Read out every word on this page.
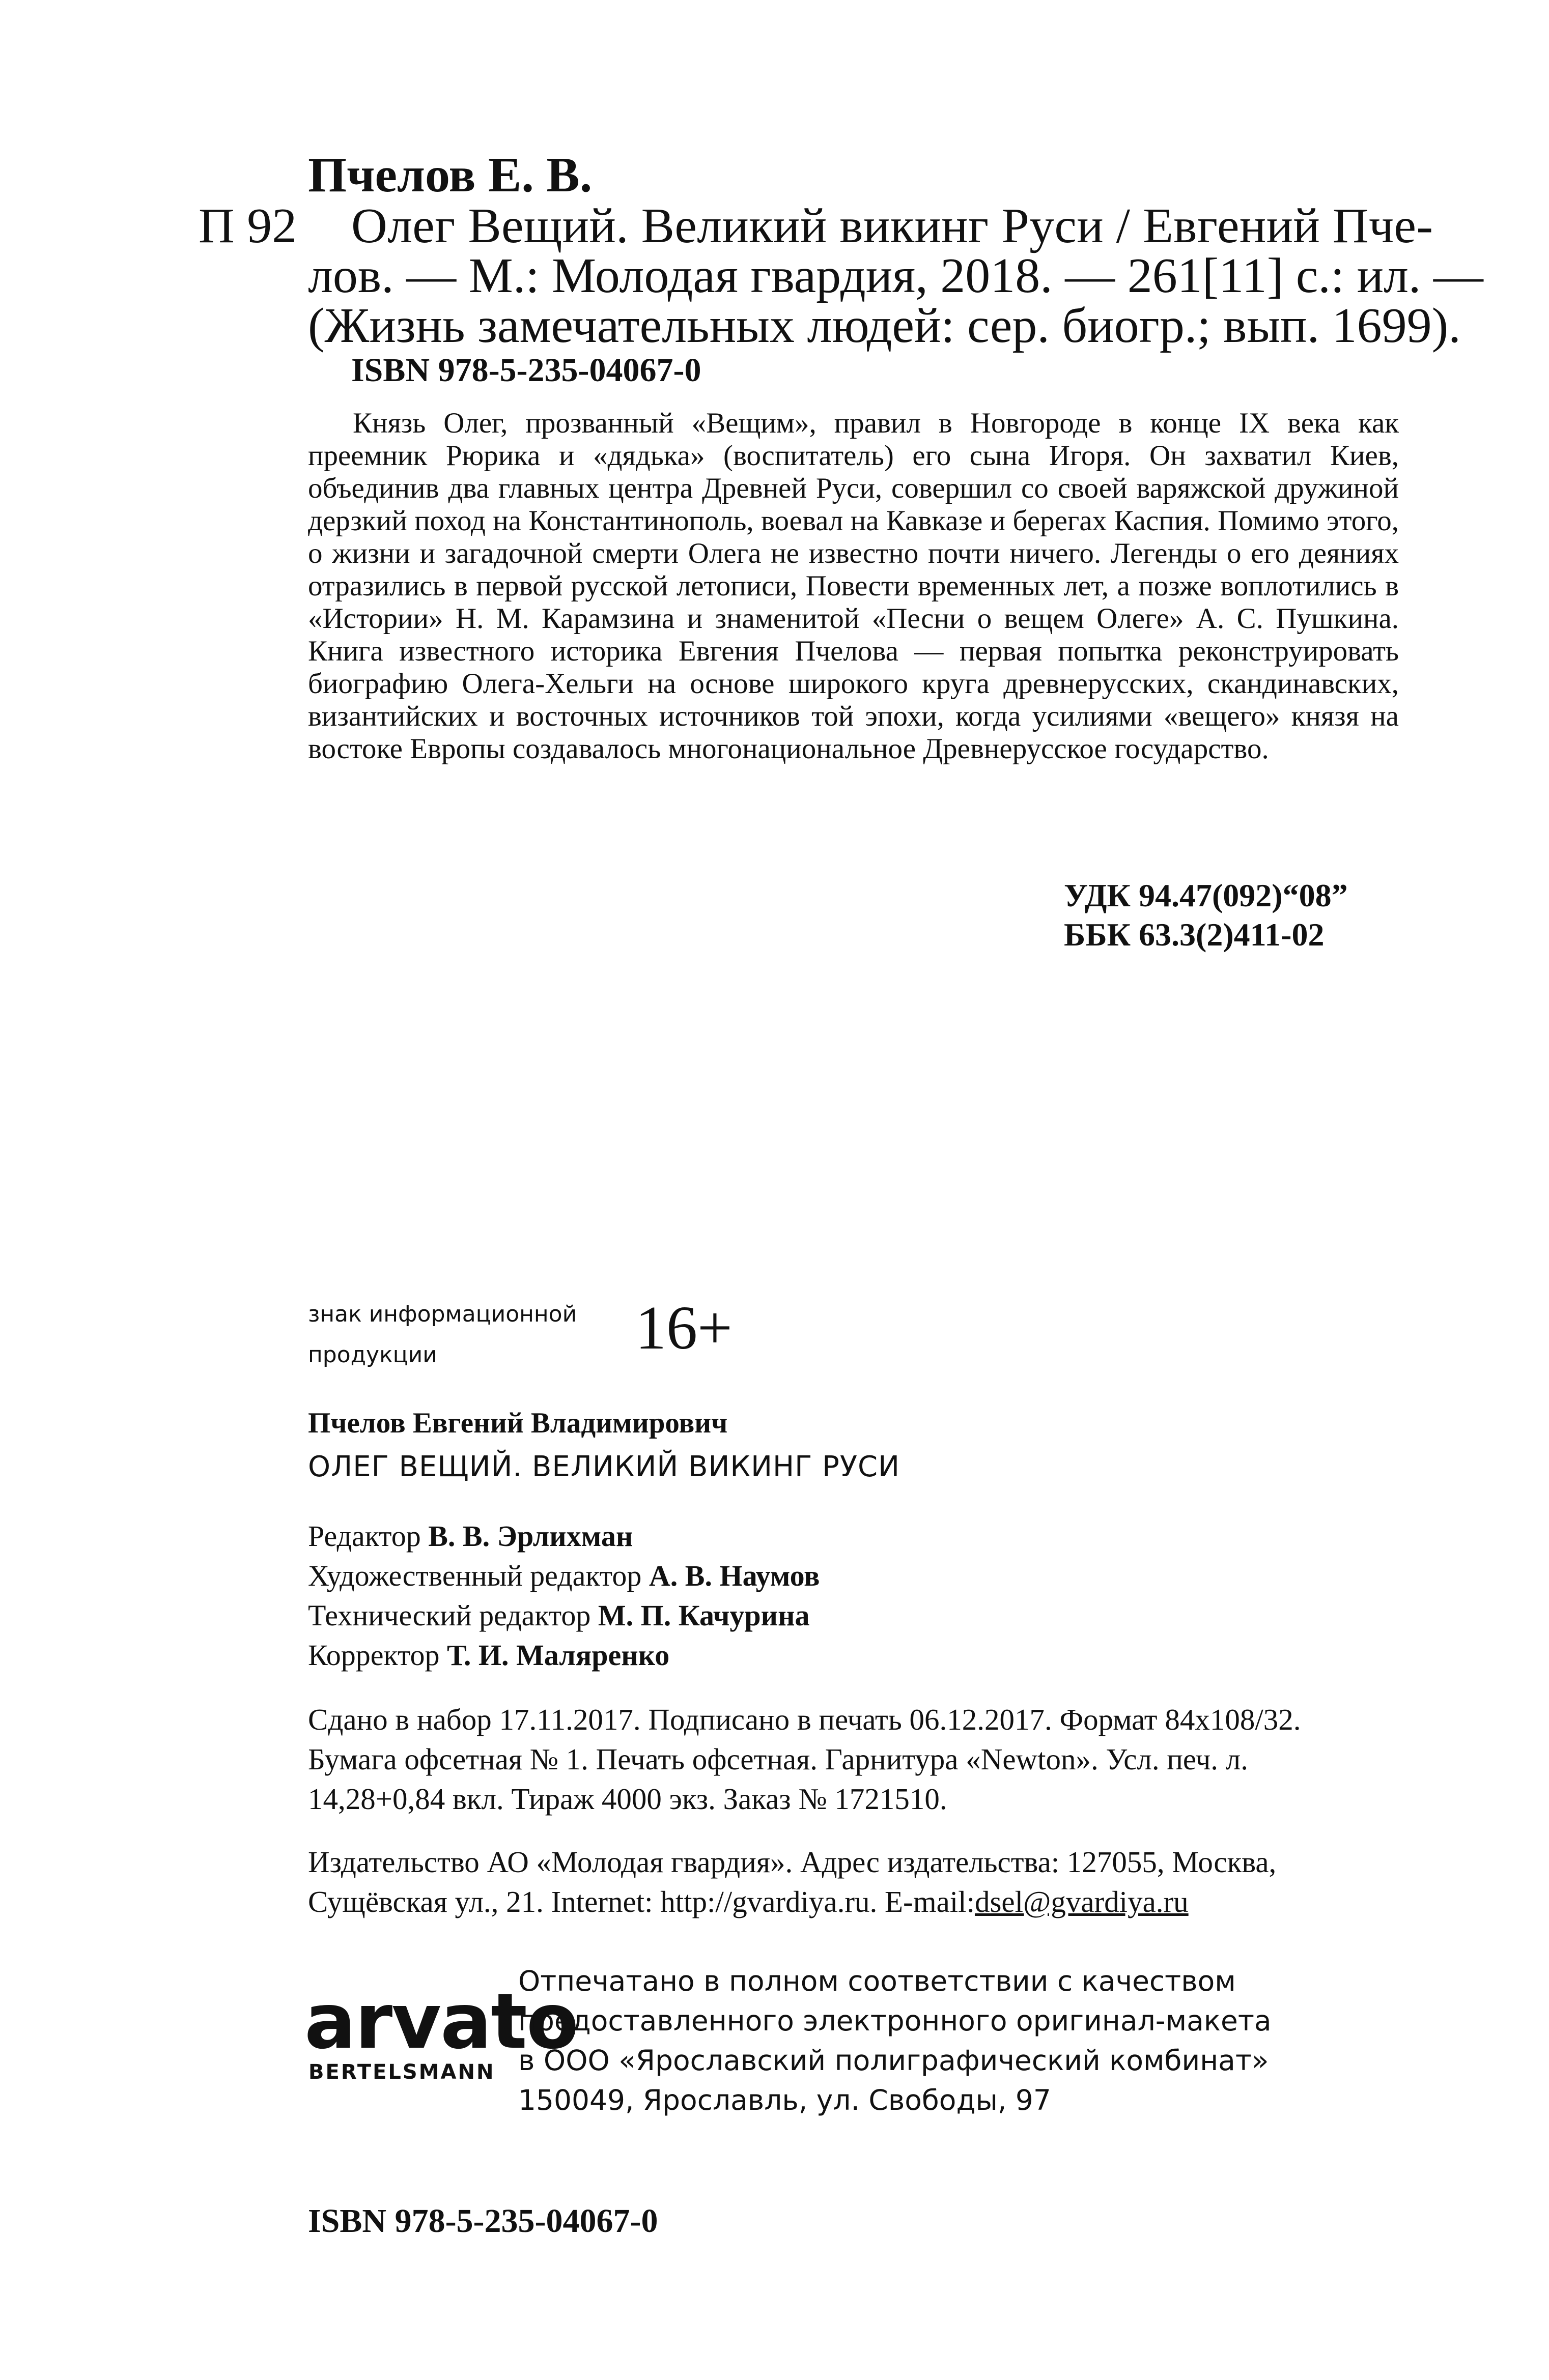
Пчелов Е. В.
П 92 Олег Вещий. Великий викинг Руси / Евгений Пче-
лов. — М.: Молодая гвардия, 2018. — 261[11] с.: ил. —
(Жизнь замечательных людей: сер. биогр.; вып. 1699).
ISBN 978-5-235-04067-0
Князь Олег, прозванный «Вещим», правил в Новгороде в конце IX века как преемник Рюрика и «дядька» (воспитатель) его сына Игоря. Он захватил Киев, объединив два главных центра Древней Руси, совершил со своей варяжской дружиной дерзкий поход на Константинополь, воевал на Кавказе и берегах Каспия. Помимо этого, о жизни и загадочной смерти Олега не известно почти ничего. Легенды о его деяниях отразились в первой русской летописи, Повести временных лет, а позже воплотились в «Истории» Н. М. Карамзина и знаменитой «Песни о вещем Олеге» А. С. Пушкина. Книга известного историка Евгения Пчелова — первая попытка реконструировать биографию Олега-Хельги на основе широкого круга древнерусских, скандинавских, византийских и восточных источников той эпохи, когда усилиями «вещего» князя на востоке Европы создавалось многонациональное Древнерусское государство.
УДК 94.47(092)“08”
ББК 63.3(2)411-02
знак информационной
продукции	16+
Пчелов Евгений Владимирович
ОЛЕГ ВЕЩИЙ. ВЕЛИКИЙ ВИКИНГ РУСИ
Редактор В. В. Эрлихман
Художественный редактор А. В. Наумов
Технический редактор М. П. Качурина
Корректор Т. И. Маляренко
Сдано в набор 17.11.2017. Подписано в печать 06.12.2017. Формат 84x108/32.
Бумага офсетная № 1. Печать офсетная. Гарнитура «Newton». Усл. печ. л.
14,28+0,84 вкл. Тираж 4000 экз. Заказ № 1721510.
Издательство АО «Молодая гвардия». Адрес издательства: 127055, Москва,
Сущёвская ул., 21. Internet: http://gvardiya.ru. E-mail:dsel@gvardiya.ru
arvato
BERTELSMANN
Отпечатано в полном соответствии с качеством
предоставленного электронного оригинал-макета
в ООО «Ярославский полиграфический комбинат»
150049, Ярославль, ул. Свободы, 97
ISBN 978-5-235-04067-0
